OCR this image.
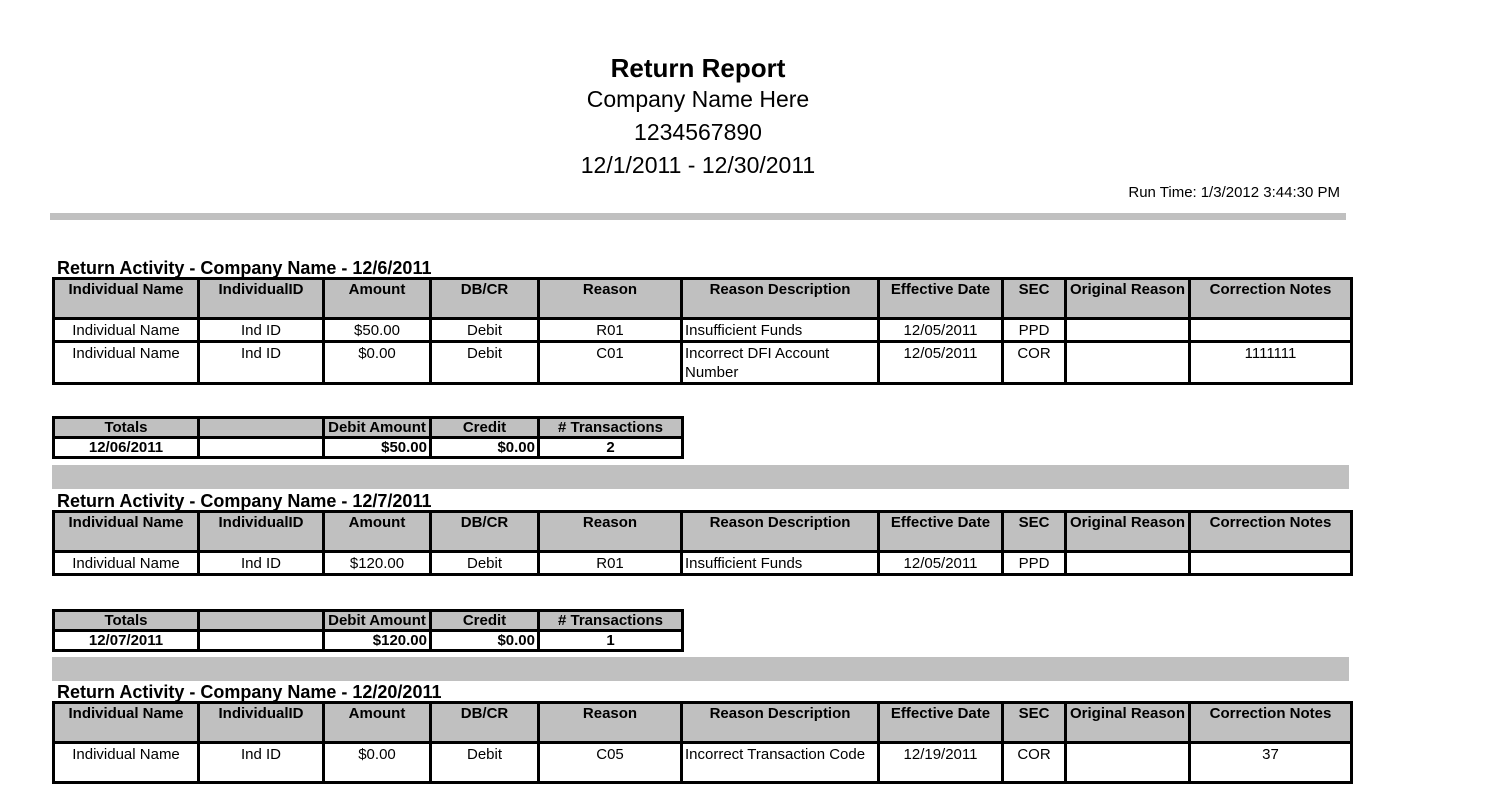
Return Report
Company Name Here
1234567890
12/1/2011 - 12/30/2011
Run Time: 1/3/2012 3:44:30 PM
Return Activity - Company Name - 12/6/2011
Individual Name	IndividualID	Amount	DB/CR	Reason	Reason Description	Effective Date	SEC	Original Reason	Correction Notes
Individual Name	Ind ID	$50.00	Debit	R01	Insufficient Funds	12/05/2011	PPD		
Individual Name	Ind ID	$0.00	Debit	C01	Incorrect DFI Account Number	12/05/2011	COR		1111111
Totals		Debit Amount	Credit	# Transactions
12/06/2011		$50.00	$0.00	2
Return Activity - Company Name - 12/7/2011
Individual Name	IndividualID	Amount	DB/CR	Reason	Reason Description	Effective Date	SEC	Original Reason	Correction Notes
Individual Name	Ind ID	$120.00	Debit	R01	Insufficient Funds	12/05/2011	PPD		
Totals		Debit Amount	Credit	# Transactions
12/07/2011		$120.00	$0.00	1
Return Activity - Company Name - 12/20/2011
Individual Name	IndividualID	Amount	DB/CR	Reason	Reason Description	Effective Date	SEC	Original Reason	Correction Notes
Individual Name	Ind ID	$0.00	Debit	C05	Incorrect Transaction Code	12/19/2011	COR		37
